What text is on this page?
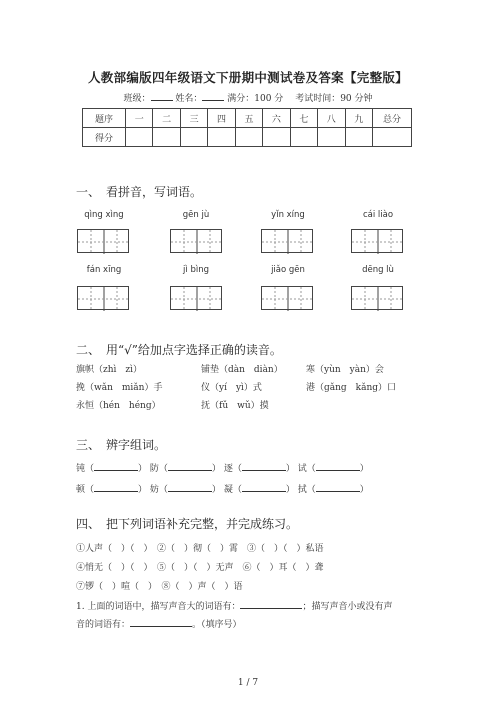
人教部编版四年级语文下册期中测试卷及答案【完整版】
班级：	姓名：	满分：100 分　 考试时间：90 分钟
题序	一	二	三	四	五	六	七	八	九	总分
得分										
一、　看拼音，写词语。
qìng xìng	gēn jù	yǐn xíng	cái liào
fán xīng	jì bìng	jiǎo gēn	dēng lù
二、　用“√”给加点字选择正确的读音。
旗帜（zhì　zì）	铺垫（dàn　diàn）	寒（yùn　yàn）会
挽（wǎn　miǎn）手	仪（yí　yì）式	港（gǎng　kǎng）口
永恒（hén　héng）	抚（fǔ　wǔ）摸
三、　辨字组词。
钝（	） 防（	） 逐（	） 试（	）
顿（	） 妨（	） 凝（	） 拭（	）
四、　把下列词语补充完整，并完成练习。
①人声（　）（　）　②（　）彻（　）霄　③（　）（　）私语
④悄无（　）（　）　⑤（　）（　）无声　⑥（　）耳（　）聋
⑦锣（　）喧（　）　⑧（　）声（　）语
1. 上面的词语中，描写声音大的词语有：	；描写声音小或没有声
音的词语有：	。（填序号）
1 / 7
